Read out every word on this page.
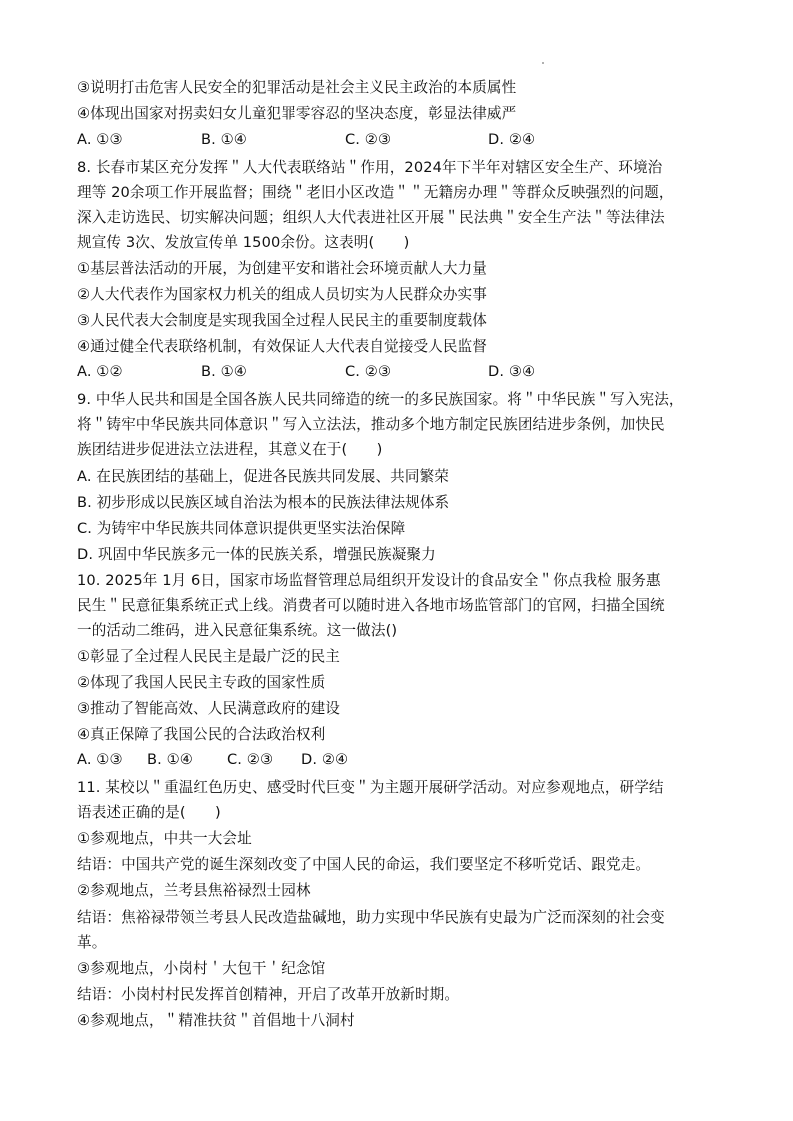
③说明打击危害人民安全的犯罪活动是社会主义民主政治的本质属性
④体现出国家对拐卖妇女儿童犯罪零容忍的坚决态度，彰显法律威严
A. ①③	B. ①④	C. ②③	D. ②④
8. 长春市某区充分发挥＂人大代表联络站＂作用，2024年下半年对辖区安全生产、环境治
理等 20余项工作开展监督；围绕＂老旧小区改造＂＂无籍房办理＂等群众反映强烈的问题，
深入走访选民、切实解决问题；组织人大代表进社区开展＂民法典＂安全生产法＂等法律法
规宣传 3次、发放宣传单 1500余份。这表明(　　)
①基层普法活动的开展，为创建平安和谐社会环境贡献人大力量
②人大代表作为国家权力机关的组成人员切实为人民群众办实事
③人民代表大会制度是实现我国全过程人民民主的重要制度载体
④通过健全代表联络机制，有效保证人大代表自觉接受人民监督
A. ①②	B. ①④	C. ②③	D. ③④
9. 中华人民共和国是全国各族人民共同缔造的统一的多民族国家。将＂中华民族＂写入宪法，
将＂铸牢中华民族共同体意识＂写入立法法，推动多个地方制定民族团结进步条例，加快民
族团结进步促进法立法进程，其意义在于(　　)
A. 在民族团结的基础上，促进各民族共同发展、共同繁荣
B. 初步形成以民族区域自治法为根本的民族法律法规体系
C. 为铸牢中华民族共同体意识提供更坚实法治保障
D. 巩固中华民族多元一体的民族关系，增强民族凝聚力
10. 2025年 1月 6日，国家市场监督管理总局组织开发设计的食品安全＂你点我检 服务惠
民生＂民意征集系统正式上线。消费者可以随时进入各地市场监管部门的官网，扫描全国统
一的活动二维码，进入民意征集系统。这一做法()
①彰显了全过程人民民主是最广泛的民主
②体现了我国人民民主专政的国家性质
③推动了智能高效、人民满意政府的建设
④真正保障了我国公民的合法政治权利
A. ①③	B. ①④	C. ②③	D. ②④
11. 某校以＂重温红色历史、感受时代巨变＂为主题开展研学活动。对应参观地点，研学结
语表述正确的是(　　)
①参观地点，中共一大会址
结语：中国共产党的诞生深刻改变了中国人民的命运，我们要坚定不移听党话、跟党走。
②参观地点，兰考县焦裕禄烈士园林
结语：焦裕禄带领兰考县人民改造盐碱地，助力实现中华民族有史最为广泛而深刻的社会变
革。
③参观地点，小岗村＇大包干＇纪念馆
结语：小岗村村民发挥首创精神，开启了改革开放新时期。
④参观地点，＂精准扶贫＂首倡地十八洞村
